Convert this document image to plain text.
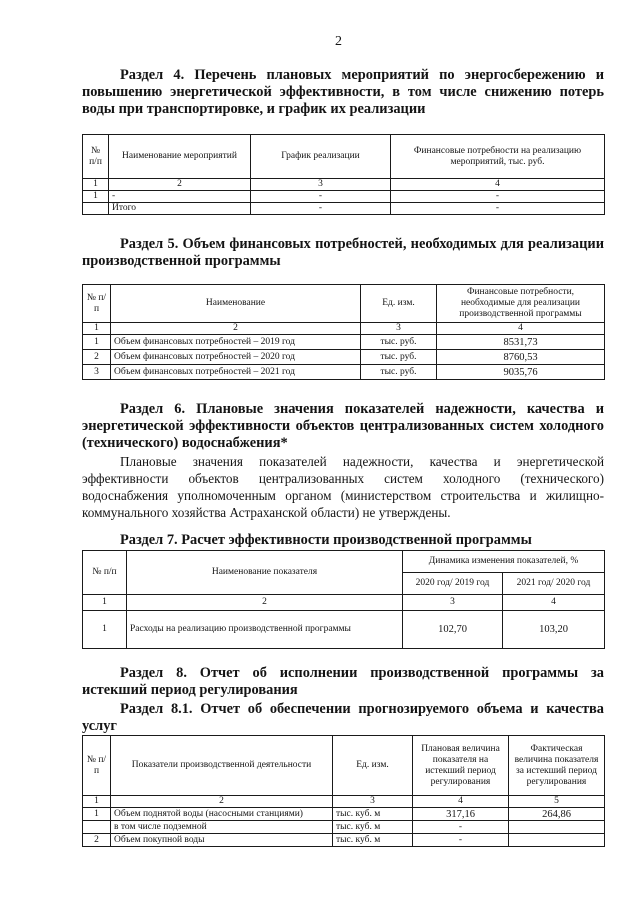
2

Раздел 4. Перечень плановых мероприятий по энергосбережению и повышению энергетической эффективности, в том числе снижению потерь воды при транспортировке, и график их реализации

№ п/п	Наименование мероприятий	График реализации	Финансовые потребности на реализацию мероприятий, тыс. руб.
1	2	3	4
1	-	-	-
	Итого	-	-

Раздел 5. Объем финансовых потребностей, необходимых для реализации производственной программы

№ п/п	Наименование	Ед. изм.	Финансовые потребности, необходимые для реализации производственной программы
1	2	3	4
1	Объем финансовых потребностей – 2019 год	тыс. руб.	8531,73
2	Объем финансовых потребностей – 2020 год	тыс. руб.	8760,53
3	Объем финансовых потребностей – 2021 год	тыс. руб.	9035,76

Раздел 6. Плановые значения показателей надежности, качества и энергетической эффективности объектов централизованных систем холодного (технического) водоснабжения*

Плановые значения показателей надежности, качества и энергетической эффективности объектов централизованных систем холодного (технического) водоснабжения уполномоченным органом (министерством строительства и жилищно- коммунального хозяйства Астраханской области) не утверждены.

Раздел 7. Расчет эффективности производственной программы

№ п/п	Наименование показателя	Динамика изменения показателей, %	
		2020 год/ 2019 год	2021 год/ 2020 год
1	2	3	4
1	Расходы на реализацию производственной программы	102,70	103,20

Раздел 8. Отчет об исполнении производственной программы за истекший период регулирования

Раздел 8.1. Отчет об обеспечении прогнозируемого объема и качества услуг

№ п/п	Показатели производственной деятельности	Ед. изм.	Плановая величина показателя на истекший период регулирования	Фактическая величина показателя за истекший период регулирования
1	2	3	4	5
1	Объем поднятой воды (насосными станциями)	тыс. куб. м	317,16	264,86
	в том числе подземной	тыс. куб. м	-	
2	Объем покупной воды	тыс. куб. м	-	
